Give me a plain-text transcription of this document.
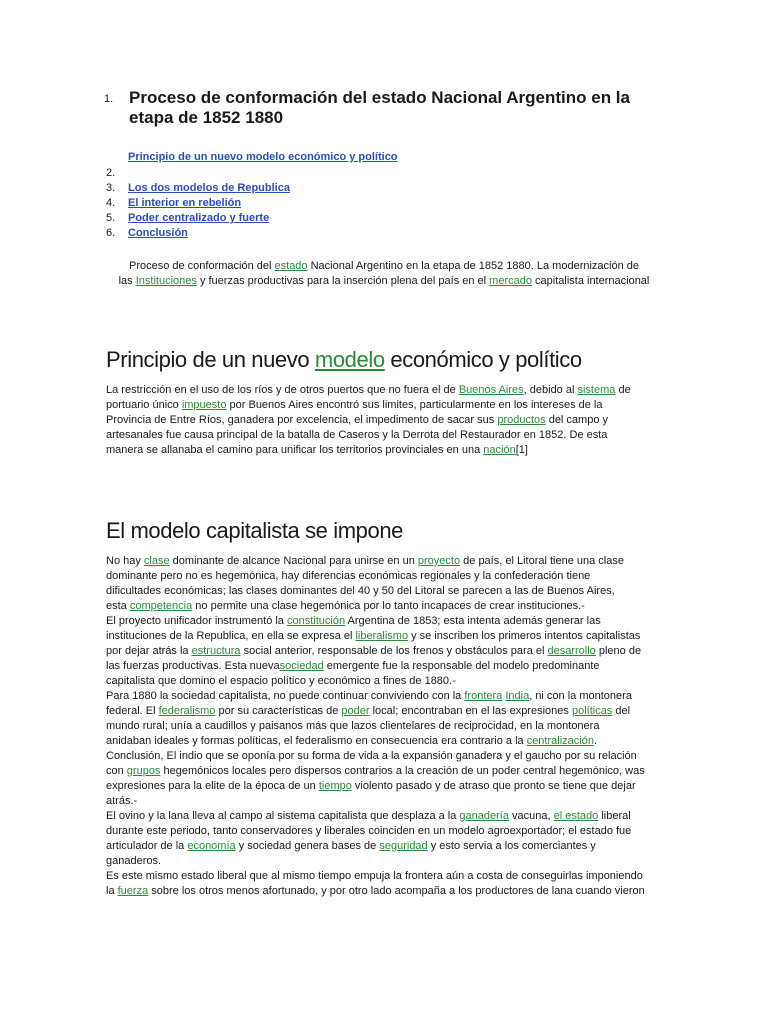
1. Proceso de conformación del estado Nacional Argentino en la etapa de 1852 1880
Principio de un nuevo modelo económico y político
2.
3. Los dos modelos de Republica
4. El interior en rebelión
5. Poder centralizado y fuerte
6. Conclusión
Proceso de conformación del estado Nacional Argentino en la etapa de 1852 1880. La modernización de
las Instituciones y fuerzas productivas para la inserción plena del país en el mercado capitalista internacional
Principio de un nuevo modelo económico y político
La restricción en el uso de los ríos y de otros puertos que no fuera el de Buenos Aires, debido al sistema de
portuario único impuesto por Buenos Aires encontró sus limites, particularmente en los intereses de la
Provincia de Entre Ríos, ganadera por excelencia, el impedimento de sacar sus productos del campo y
artesanales fue causa principal de la batalla de Caseros y la Derrota del Restaurador en 1852. De esta
manera se allanaba el camino para unificar los territorios provinciales en una nación[1]
El modelo capitalista se impone
No hay clase dominante de alcance Nacional para unirse en un proyecto de país, el Litoral tiene una clase
dominante pero no es hegemónica, hay diferencias económicas regionales y la confederación tiene
dificultades económicas; las clases dominantes del 40 y 50 del Litoral se parecen a las de Buenos Aires,
esta competencia no permite una clase hegemónica por lo tanto incapaces de crear instituciones.-
El proyecto unificador instrumentó la constitución Argentina de 1853; esta intenta además generar las
instituciones de la Republica, en ella se expresa el liberalismo y se inscriben los primeros intentos capitalistas
por dejar atrás la estructura social anterior, responsable de los frenos y obstáculos para el desarrollo pleno de
las fuerzas productivas. Esta nuevasociedad emergente fue la responsable del modelo predominante
capitalista que domino el espacio político y económico a fines de 1880.-
Para 1880 la sociedad capitalista, no puede continuar conviviendo con la frontera India, ni con la montonera
federal. El federalismo por su características de poder local; encontraban en el las expresiones políticas del
mundo rural; unía a caudillos y paisanos más que lazos clientelares de reciprocidad, en la montonera
anidaban ideales y formas políticas, el federalismo en consecuencia era contrario a la centralización.
Conclusión, El indio que se oponía por su forma de vida a la expansión ganadera y el gaucho por su relación
con grupos hegemónicos locales pero dispersos contrarios a la creación de un poder central hegemónico, was
expresiones para la elite de la época de un tiempo violento pasado y de atraso que pronto se tiene que dejar
atrás.-
El ovino y la lana lleva al campo al sistema capitalista que desplaza a la ganadería vacuna, el estado liberal
durante este periodo, tanto conservadores y liberales coinciden en un modelo agroexportador; el estado fue
articulador de la economía y sociedad genera bases de seguridad y esto servia a los comerciantes y
ganaderos.
Es este mismo estado liberal que al mismo tiempo empuja la frontera aún a costa de conseguirlas imponiendo
la fuerza sobre los otros menos afortunado, y por otro lado acompaña a los productores de lana cuando vieron
